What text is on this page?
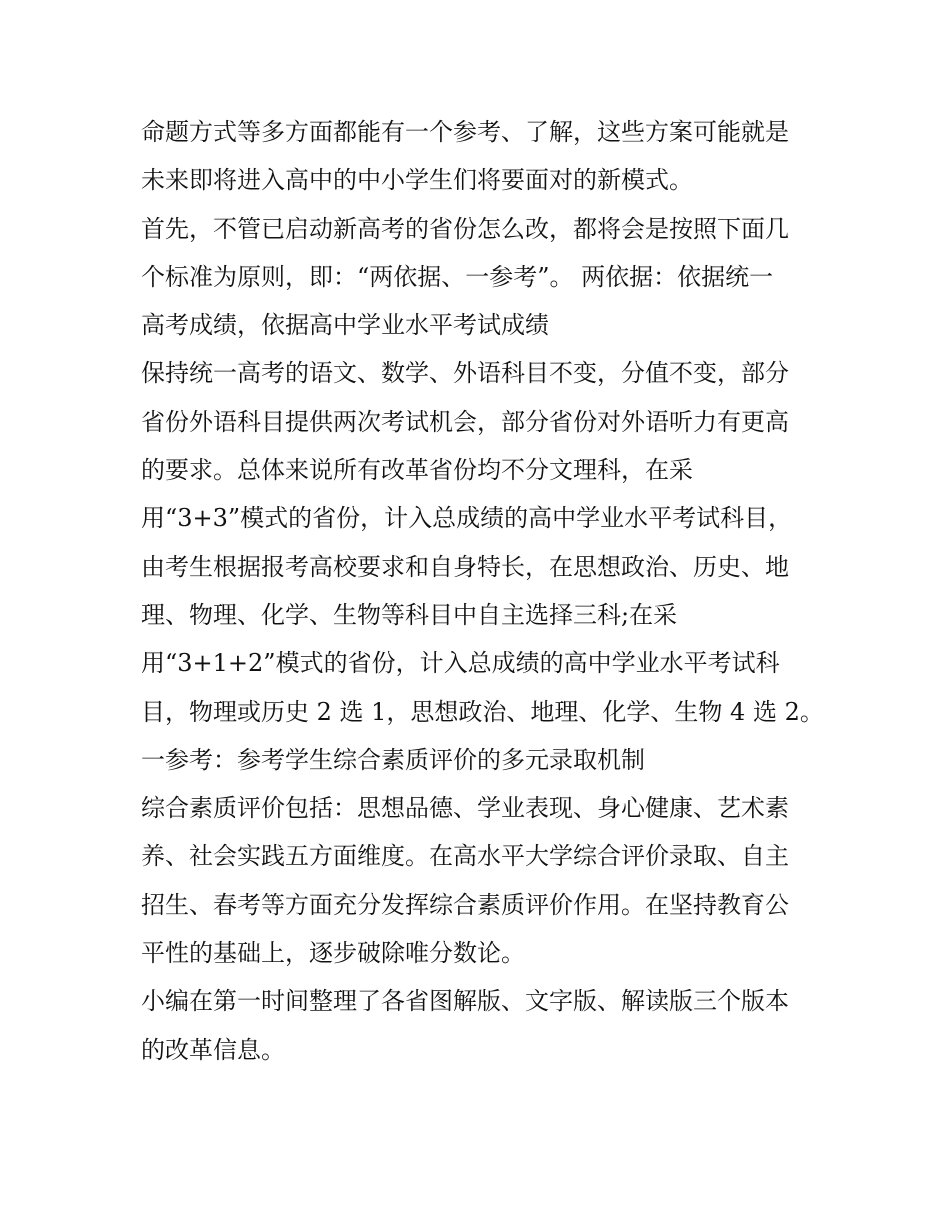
命题方式等多方面都能有一个参考、了解，这些方案可能就是
未来即将进入高中的中小学生们将要面对的新模式。
首先，不管已启动新高考的省份怎么改，都将会是按照下面几
个标准为原则，即：“两依据、一参考”。 两依据：依据统一
高考成绩，依据高中学业水平考试成绩
保持统一高考的语文、数学、外语科目不变，分值不变，部分
省份外语科目提供两次考试机会，部分省份对外语听力有更高
的要求。总体来说所有改革省份均不分文理科，在采
用“3+3”模式的省份，计入总成绩的高中学业水平考试科目，
由考生根据报考高校要求和自身特长，在思想政治、历史、地
理、物理、化学、生物等科目中自主选择三科;在采
用“3+1+2”模式的省份，计入总成绩的高中学业水平考试科
目，物理或历史 2 选 1，思想政治、地理、化学、生物 4 选 2。
一参考：参考学生综合素质评价的多元录取机制
综合素质评价包括：思想品德、学业表现、身心健康、艺术素
养、社会实践五方面维度。在高水平大学综合评价录取、自主
招生、春考等方面充分发挥综合素质评价作用。在坚持教育公
平性的基础上，逐步破除唯分数论。
小编在第一时间整理了各省图解版、文字版、解读版三个版本
的改革信息。
